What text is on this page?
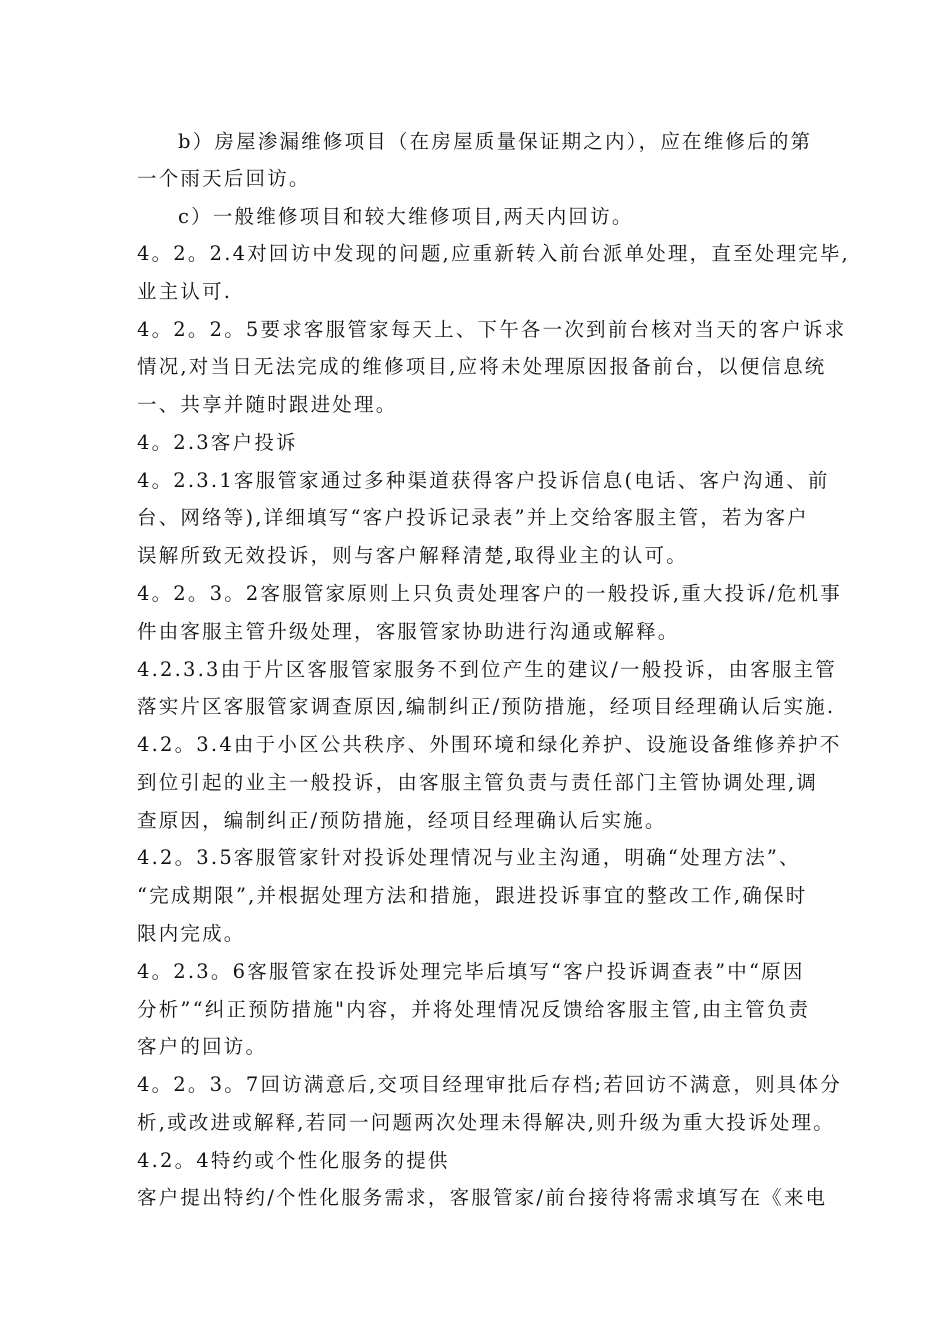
b）房屋渗漏维修项目（在房屋质量保证期之内），应在维修后的第
一个雨天后回访。
c）一般维修项目和较大维修项目,两天内回访。
4。2。2.4对回访中发现的问题,应重新转入前台派单处理，直至处理完毕,
业主认可.
4。2。2。5要求客服管家每天上、下午各一次到前台核对当天的客户诉求
情况,对当日无法完成的维修项目,应将未处理原因报备前台，以便信息统
一、共享并随时跟进处理。
4。2.3客户投诉
4。2.3.1客服管家通过多种渠道获得客户投诉信息(电话、客户沟通、前
台、网络等),详细填写“客户投诉记录表”并上交给客服主管，若为客户
误解所致无效投诉，则与客户解释清楚,取得业主的认可。
4。2。3。2客服管家原则上只负责处理客户的一般投诉,重大投诉/危机事
件由客服主管升级处理，客服管家协助进行沟通或解释。
4.2.3.3由于片区客服管家服务不到位产生的建议/一般投诉，由客服主管
落实片区客服管家调查原因,编制纠正/预防措施，经项目经理确认后实施.
4.2。3.4由于小区公共秩序、外围环境和绿化养护、设施设备维修养护不
到位引起的业主一般投诉，由客服主管负责与责任部门主管协调处理,调
查原因，编制纠正/预防措施，经项目经理确认后实施。
4.2。3.5客服管家针对投诉处理情况与业主沟通，明确“处理方法”、
“完成期限”,并根据处理方法和措施，跟进投诉事宜的整改工作,确保时
限内完成。
4。2.3。6客服管家在投诉处理完毕后填写“客户投诉调查表”中“原因
分析”“纠正预防措施"内容，并将处理情况反馈给客服主管,由主管负责
客户的回访。
4。2。3。7回访满意后,交项目经理审批后存档;若回访不满意，则具体分
析,或改进或解释,若同一问题两次处理未得解决,则升级为重大投诉处理。
4.2。4特约或个性化服务的提供
客户提出特约/个性化服务需求，客服管家/前台接待将需求填写在《来电
